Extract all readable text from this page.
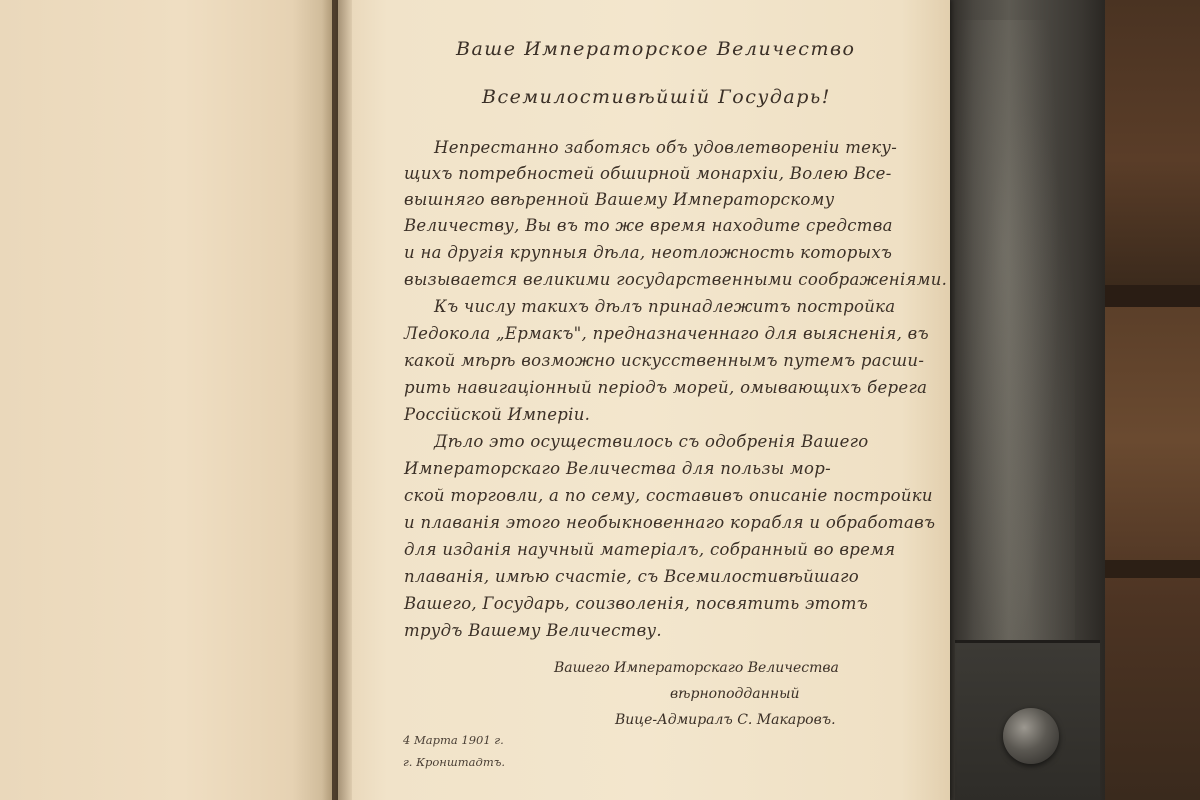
Ваше Императорское Величество
Всемилостивѣйшій Государь!
Непрестанно заботясь объ удовлетвореніи теку-
щихъ потребностей обширной монархіи, Волею Все-
вышняго ввѣренной Вашему Императорскому
Величеству, Вы въ то же время находите средства
и на другія крупныя дѣла, неотложность которыхъ
вызывается великими государственными соображеніями.
Къ числу такихъ дѣлъ принадлежитъ постройка
Ледокола „Ермакъ", предназначеннаго для выясненія, въ
какой мѣрѣ возможно искусственнымъ путемъ расши-
рить навигаціонный періодъ морей, омывающихъ берега
Россійской Имперіи.
Дѣло это осуществилось съ одобренія Вашего
Императорскаго Величества для пользы мор-
ской торговли, а по сему, составивъ описаніе постройки
и плаванія этого необыкновеннаго корабля и обработавъ
для изданія научный матеріалъ, собранный во время
плаванія, имѣю счастіе, съ Всемилостивѣйшаго
Вашего, Государь, соизволенія, посвятить этотъ
трудъ Вашему Величеству.
Вашего Императорскаго Величества
вѣрноподданный
Вице-Адмиралъ С. Макаровъ.
4 Марта 1901 г.
г. Кронштадтъ.
